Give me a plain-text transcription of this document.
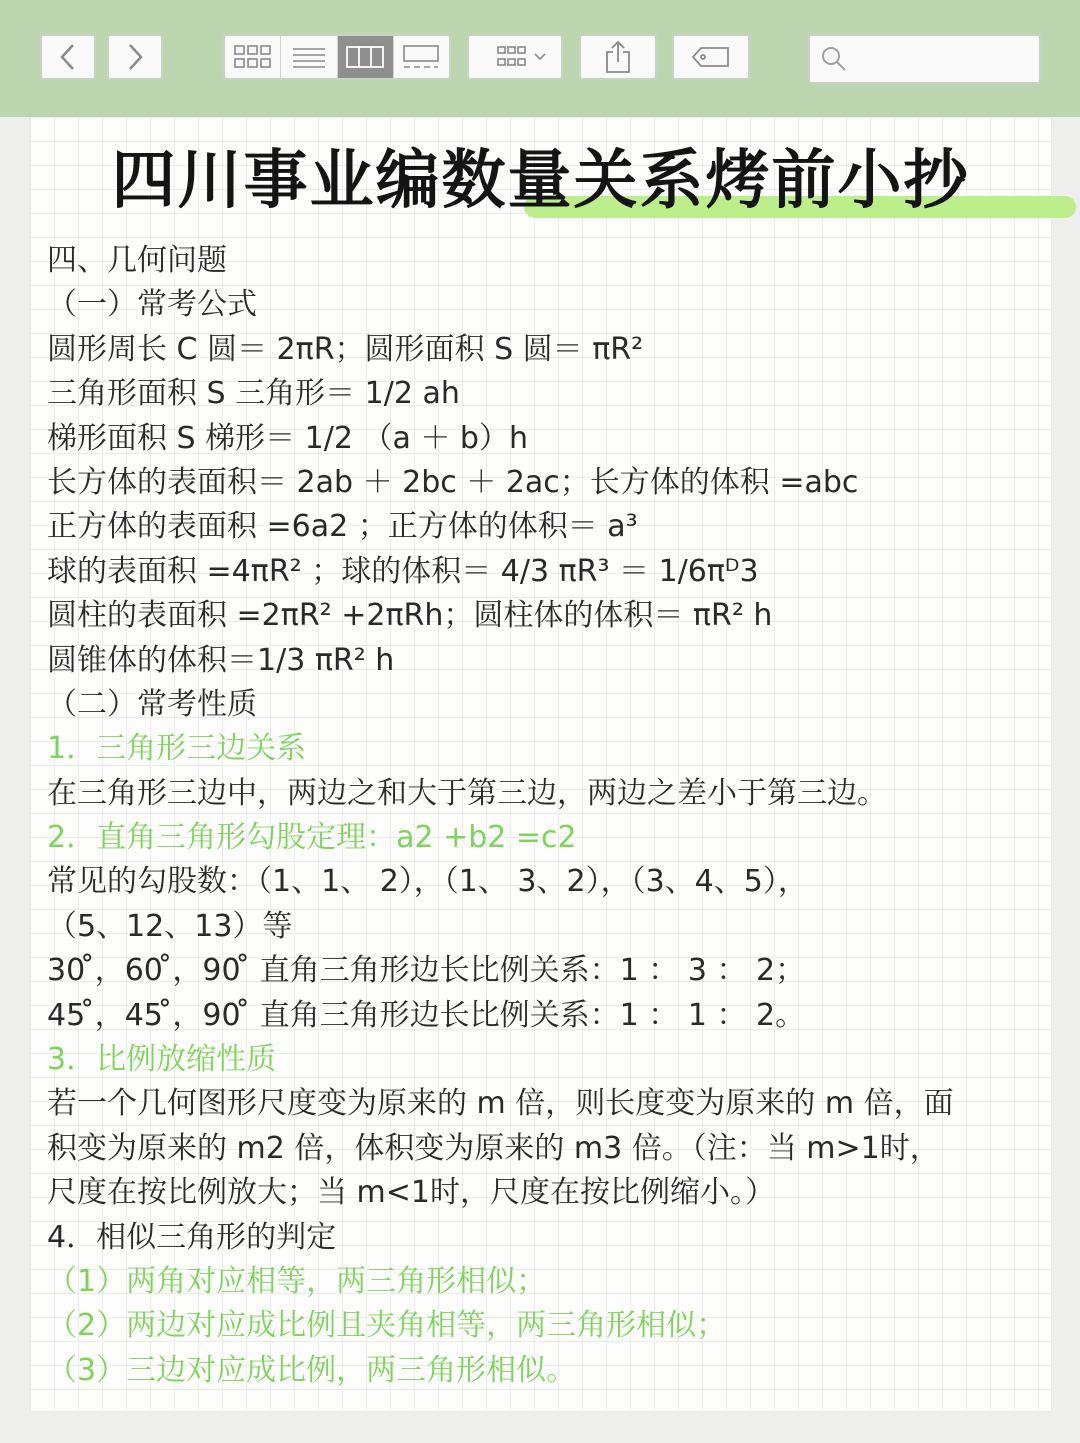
四川事业编数量关系烤前小抄
四、几何问题
（一）常考公式
圆形周长 C 圆＝ 2πR；圆形面积 S 圆＝ πR²
三角形面积 S 三角形＝ 1/2 ah
梯形面积 S 梯形＝ 1/2 （a ＋ b）h
长方体的表面积＝ 2ab ＋ 2bc ＋ 2ac；长方体的体积 =abc
正方体的表面积 =6a2 ；正方体的体积＝ a³
球的表面积 =4πR² ；球的体积＝ 4/3 πR³ ＝ 1/6πᴰ3
圆柱的表面积 =2πR² +2πRh；圆柱体的体积＝ πR² h
圆锥体的体积＝1/3 πR² h
（二）常考性质
1．三角形三边关系
在三角形三边中，两边之和大于第三边，两边之差小于第三边。
2．直角三角形勾股定理：a2 +b2 =c2
常见的勾股数：（1、1、 2），（1、 3、2），（3、4、5），
（5、12、13）等
30 ̊，60 ̊，90 ̊ 直角三角形边长比例关系：1 ： 3 ： 2；
45 ̊，45 ̊，90 ̊ 直角三角形边长比例关系：1 ： 1 ： 2。
3．比例放缩性质
若一个几何图形尺度变为原来的 m 倍，则长度变为原来的 m 倍，面
积变为原来的 m2 倍，体积变为原来的 m3 倍。（注：当 m>1时，
尺度在按比例放大；当 m<1时，尺度在按比例缩小。）
4．相似三角形的判定
（1）两角对应相等，两三角形相似；
（2）两边对应成比例且夹角相等，两三角形相似；
（3）三边对应成比例，两三角形相似。
